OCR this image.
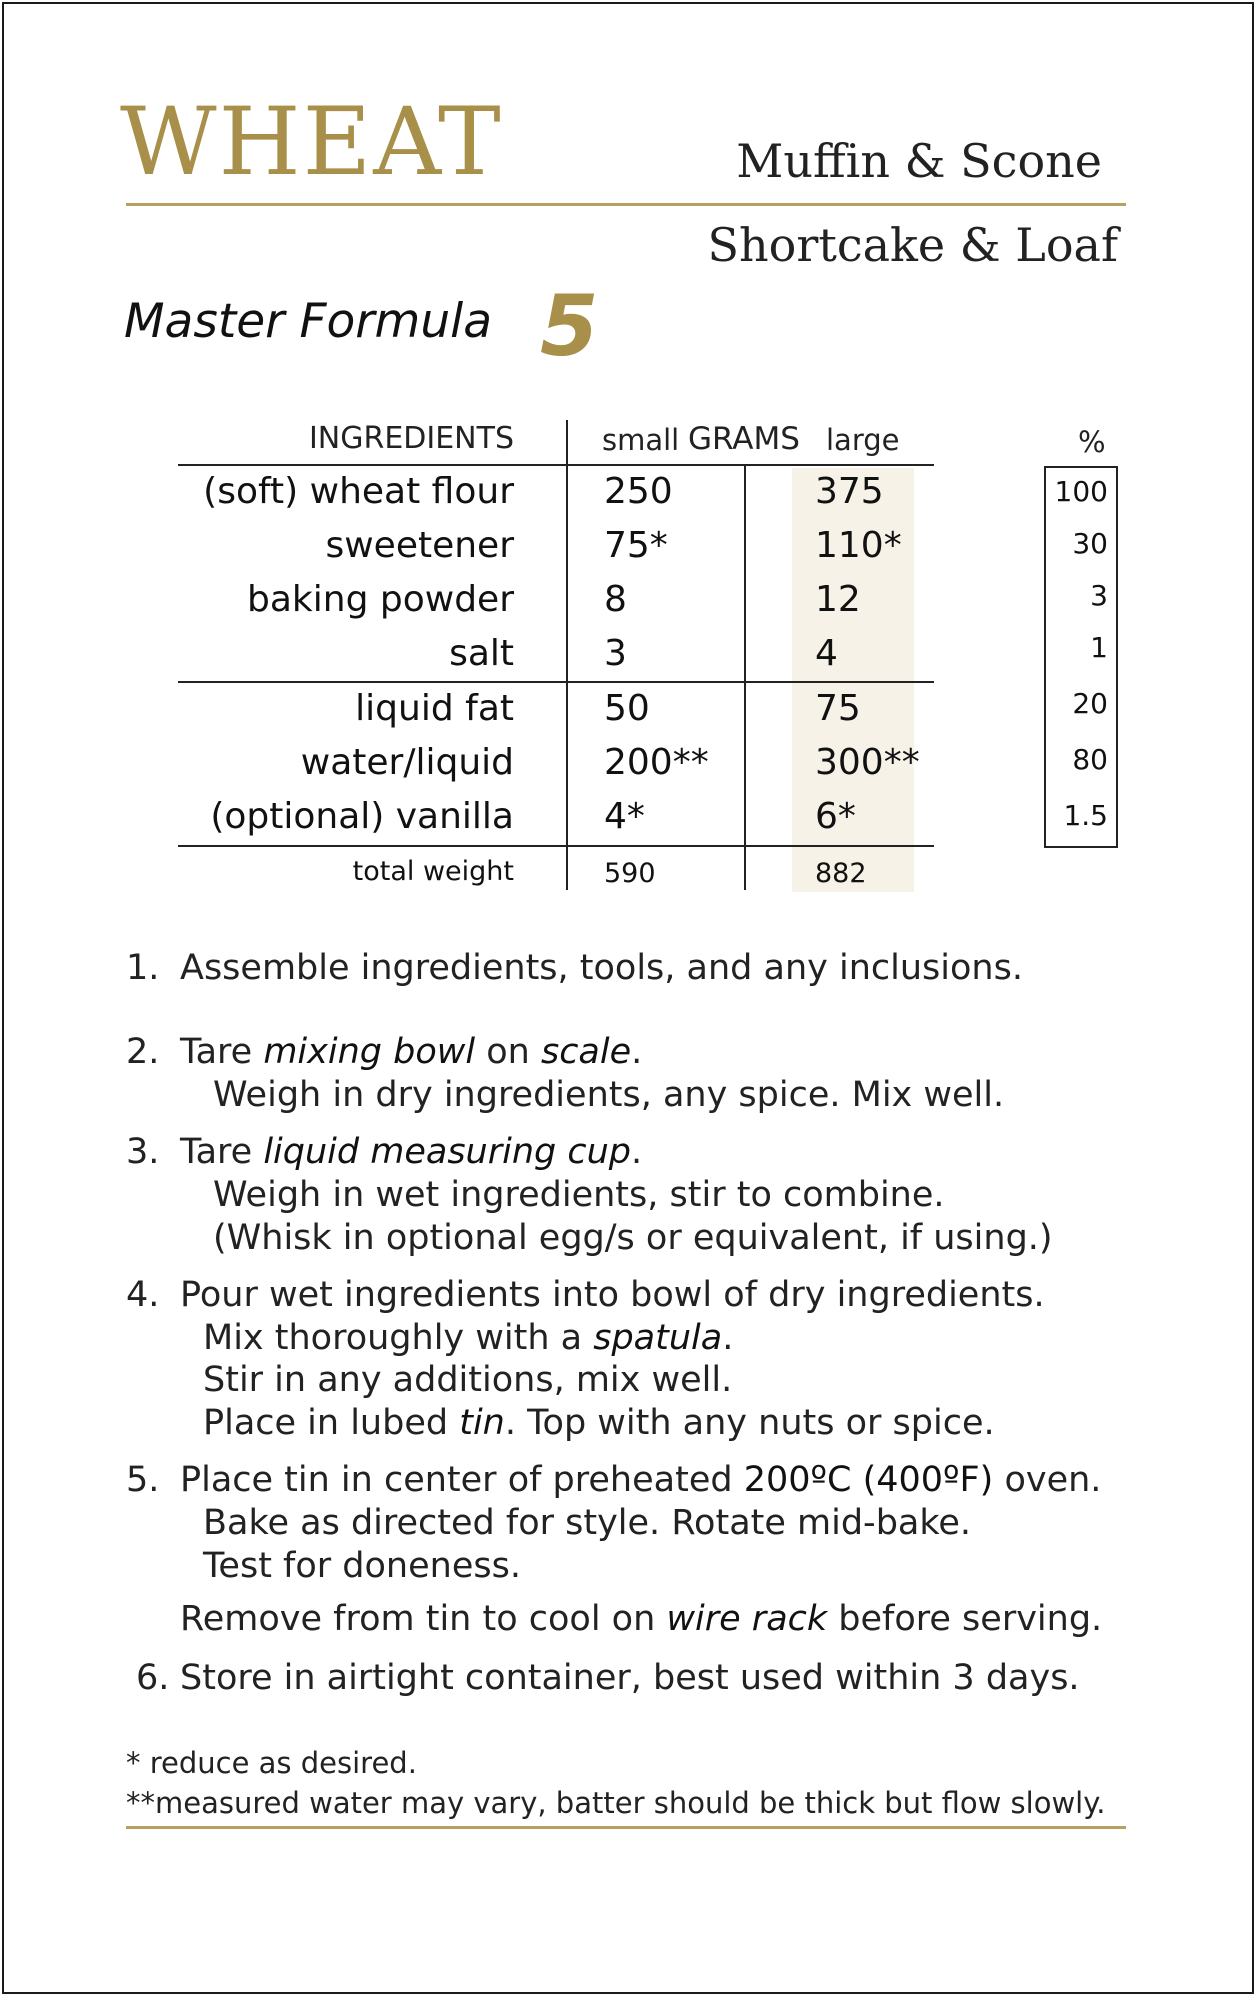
WHEAT	Muffin & Scone
Shortcake & Loaf
Master Formula 5
INGREDIENTS	small GRAMS large	%
(soft) wheat flour	250	375	100
sweetener	75*	110*	30
baking powder	8	12	3
salt	3	4	1
liquid fat	50	75	20
water/liquid	200**	300**	80
(optional) vanilla	4*	6*	1.5
total weight	590	882
1. Assemble ingredients, tools, and any inclusions.
2. Tare mixing bowl on scale.
Weigh in dry ingredients, any spice. Mix well.
3. Tare liquid measuring cup.
Weigh in wet ingredients, stir to combine.
(Whisk in optional egg/s or equivalent, if using.)
4. Pour wet ingredients into bowl of dry ingredients.
Mix thoroughly with a spatula.
Stir in any additions, mix well.
Place in lubed tin. Top with any nuts or spice.
5. Place tin in center of preheated 200ºC (400ºF) oven.
Bake as directed for style. Rotate mid-bake.
Test for doneness.
Remove from tin to cool on wire rack before serving.
6. Store in airtight container, best used within 3 days.
* reduce as desired.
**measured water may vary, batter should be thick but flow slowly.
